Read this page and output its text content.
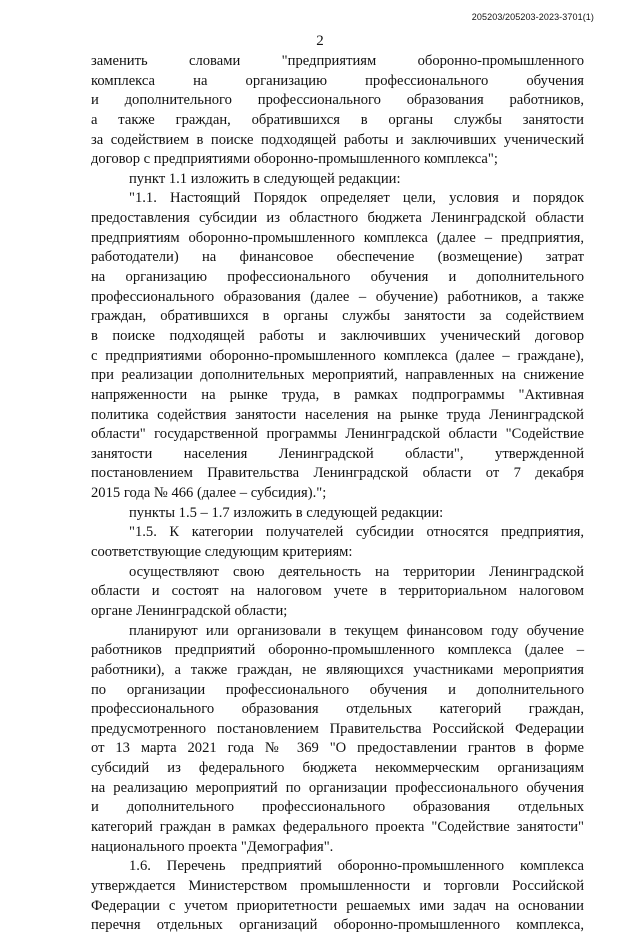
205203/205203-2023-3701(1)
2
заменить словами "предприятиям оборонно-промышленного
комплекса на организацию профессионального обучения
и дополнительного профессионального образования работников,
а также граждан, обратившихся в органы службы занятости
за содействием в поиске подходящей работы и заключивших ученический
договор с предприятиями оборонно-промышленного комплекса";
пункт 1.1 изложить в следующей редакции:
"1.1. Настоящий Порядок определяет цели, условия и порядок
предоставления субсидии из областного бюджета Ленинградской области
предприятиям оборонно-промышленного комплекса (далее – предприятия,
работодатели) на финансовое обеспечение (возмещение) затрат
на организацию профессионального обучения и дополнительного
профессионального образования (далее – обучение) работников, а также
граждан, обратившихся в органы службы занятости за содействием
в поиске подходящей работы и заключивших ученический договор
с предприятиями оборонно-промышленного комплекса (далее – граждане),
при реализации дополнительных мероприятий, направленных на снижение
напряженности на рынке труда, в рамках подпрограммы "Активная
политика содействия занятости населения на рынке труда Ленинградской
области" государственной программы Ленинградской области "Содействие
занятости населения Ленинградской области", утвержденной
постановлением Правительства Ленинградской области от 7 декабря
2015 года № 466 (далее – субсидия).";
пункты 1.5 – 1.7 изложить в следующей редакции:
"1.5. К категории получателей субсидии относятся предприятия,
соответствующие следующим критериям:
осуществляют свою деятельность на территории Ленинградской
области и состоят на налоговом учете в территориальном налоговом
органе Ленинградской области;
планируют или организовали в текущем финансовом году обучение
работников предприятий оборонно-промышленного комплекса (далее –
работники), а также граждан, не являющихся участниками мероприятия
по организации профессионального обучения и дополнительного
профессионального образования отдельных категорий граждан,
предусмотренного постановлением Правительства Российской Федерации
от 13 марта 2021 года № 369 "О предоставлении грантов в форме
субсидий из федерального бюджета некоммерческим организациям
на реализацию мероприятий по организации профессионального обучения
и дополнительного профессионального образования отдельных
категорий граждан в рамках федерального проекта "Содействие занятости"
национального проекта "Демография".
1.6. Перечень предприятий оборонно-промышленного комплекса
утверждается Министерством промышленности и торговли Российской
Федерации с учетом приоритетности решаемых ими задач на основании
перечня отдельных организаций оборонно-промышленного комплекса,
